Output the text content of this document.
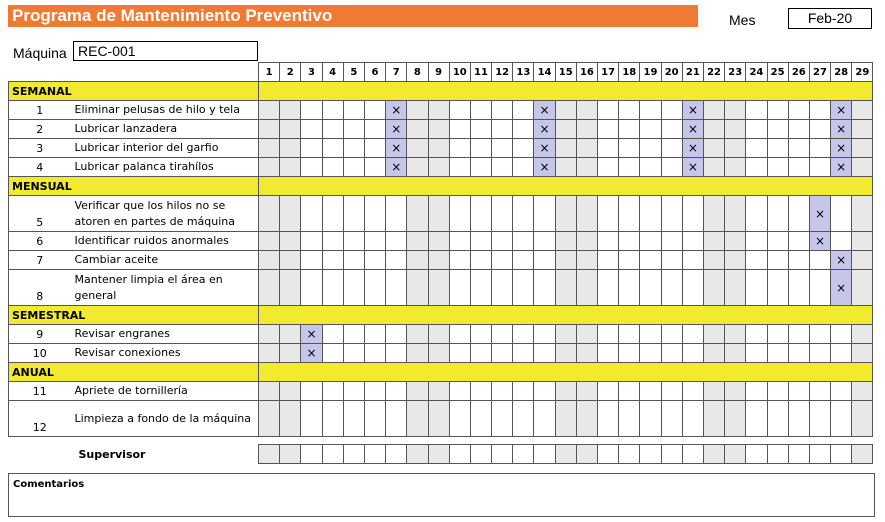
Programa de Mantenimiento Preventivo	Mes	Feb-20
Máquina REC-001
		1	2	3	4	5	6	7	8	9	10	11	12	13	14	15	16	17	18	19	20	21	22	23	24	25	26	27	28	29
SEMANAL																														
1	Eliminar pelusas de hilo y tela							×							×							×							×	
2	Lubricar lanzadera							×							×							×							×	
3	Lubricar interior del garfio							×							×							×							×	
4	Lubricar palanca tirahílos							×							×							×							×	
MENSUAL																														
5	Verificar que los hilos no se atoren en partes de máquina																											×		
6	Identificar ruidos anormales																											×		
7	Cambiar aceite																												×	
8	Mantener limpia el área en general																												×	
SEMESTRAL																														
9	Revisar engranes			×																										
10	Revisar conexiones			×																										
ANUAL																														
11	Apriete de tornillería																													
12	Limpieza a fondo de la máquina																													

Supervisor																														
Comentarios
